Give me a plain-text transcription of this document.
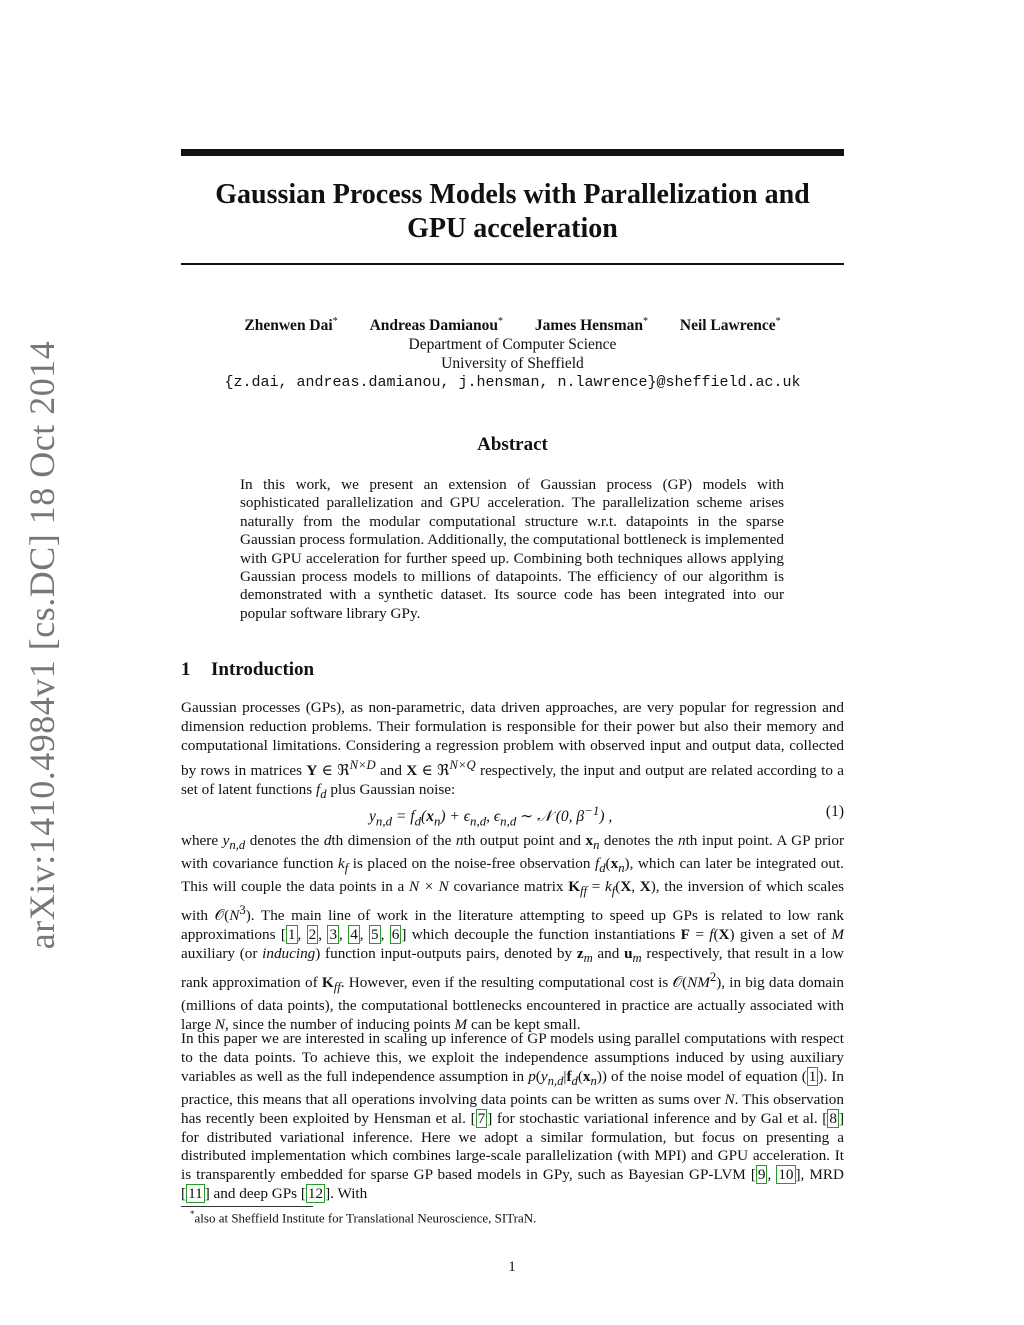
arXiv:1410.4984v1 [cs.DC] 18 Oct 2014
Gaussian Process Models with Parallelization and
GPU acceleration
Zhenwen Dai* Andreas Damianou* James Hensman* Neil Lawrence*
Department of Computer Science
University of Sheffield
{z.dai, andreas.damianou, j.hensman, n.lawrence}@sheffield.ac.uk
Abstract
In this work, we present an extension of Gaussian process (GP) models with sophisticated parallelization and GPU acceleration. The parallelization scheme arises naturally from the modular computational structure w.r.t. datapoints in the sparse Gaussian process formulation. Additionally, the computational bottleneck is implemented with GPU acceleration for further speed up. Combining both techniques allows applying Gaussian process models to millions of datapoints. The efficiency of our algorithm is demonstrated with a synthetic dataset. Its source code has been integrated into our popular software library GPy.
1 Introduction
Gaussian processes (GPs), as non-parametric, data driven approaches, are very popular for regression and dimension reduction problems. Their formulation is responsible for their power but also their memory and computational limitations. Considering a regression problem with observed input and output data, collected by rows in matrices Y ∈ ℜ$^{N\times D}$ and X ∈ ℜ$^{N\times Q}$ respectively, the input and output are related according to a set of latent functions $f_d$ plus Gaussian noise:
$y_{n,d} = f_d(x_n) + \epsilon_{n,d}$, $\epsilon_{n,d}$ ∼ 𝒩 (0, $\beta^{-1}$) ,	(1)
where $y_{n,d}$ denotes the dth dimension of the nth output point and $x_n$ denotes the nth input point. A GP prior with covariance function $k_f$ is placed on the noise-free observation $f_d(x_n)$, which can later be integrated out. This will couple the data points in a N × N covariance matrix $K_{ff} = k_f(X$, X), the inversion of which scales with $𝒪(N^3)$. The main line of work in the literature attempting to speed up GPs is related to low rank approximations [ 1 , 2 , 3 , 4 , 5 , 6 ] which decouple the function instantiations F = f(X) given a set of M auxiliary (or inducing) function input-outputs pairs, denoted by $z_m$ and $u_m$ respectively, that result in a low rank approximation of $K_{ff}$. However, even if the resulting computational cost is $𝒪(NM^2)$, in big data domain (millions of data points), the computational bottlenecks encountered in practice are actually associated with large N, since the number of inducing points M can be kept small.
In this paper we are interested in scaling up inference of GP models using parallel computations with respect to the data points. To achieve this, we exploit the independence assumptions induced by using auxiliary variables as well as the full independence assumption in $p(y_{n,d}|f_d(x_n))$ of the noise model of equation ( 1 ). In practice, this means that all operations involving data points can be written as sums over N. This observation has recently been exploited by Hensman et al. [ 7 ] for stochastic variational inference and by Gal et al. [ 8 ] for distributed variational inference. Here we adopt a similar formulation, but focus on presenting a distributed implementation which combines large-scale parallelization (with MPI) and GPU acceleration. It is transparently embedded for sparse GP based models in GPy, such as Bayesian GP-LVM [ 9 , 10 ], MRD [ 11 ] and deep GPs [ 12 ]. With
*also at Sheffield Institute for Translational Neuroscience, SITraN.
1
